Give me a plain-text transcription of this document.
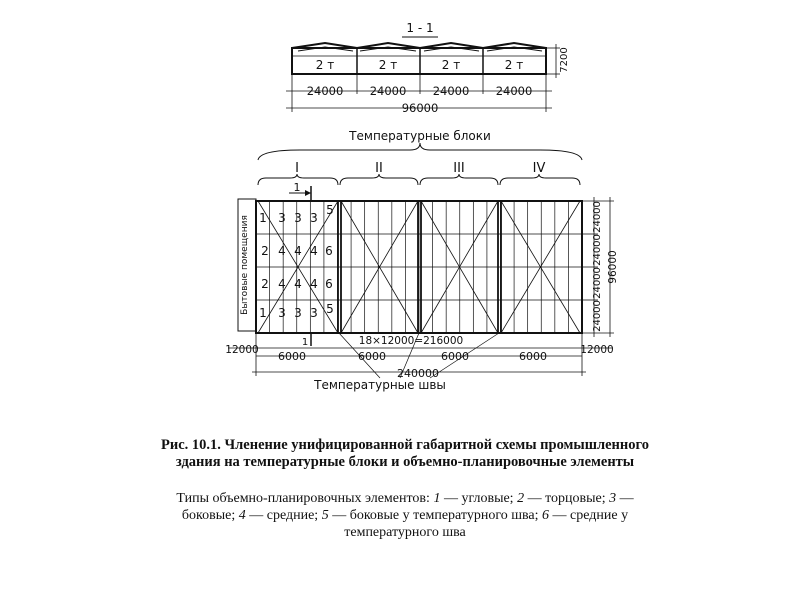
1 - 1
2 т	2 т	2 т	2 т	7200
24000 24000 24000 24000
96000
Температурные блоки
I	II	III	IV
1
Бытовые помещения 1 3 3 3
5
2 4 4 4 6
2 4 4 4 6
1 3 3 3 5
1
24000
24000
24000
24000
96000
12000	12000
18×12000=216000
6000	6000	6000	6000
240000
Температурные швы
Рис. 10.1. Членение унифицированной габаритной схемы промышленного здания на температурные блоки и объемно-планировочные элементы
Типы объемно-планировочных элементов: 1 — угловые; 2 — торцовые; 3 — боковые; 4 — средние; 5 — боковые у температурного шва; 6 — средние у температурного шва
